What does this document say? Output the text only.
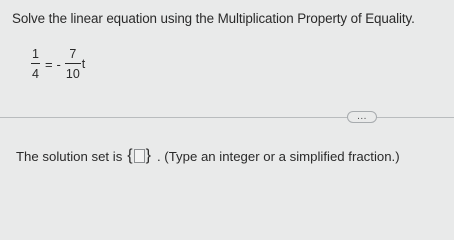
Solve the linear equation using the Multiplication Property of Equality.
$\frac{1}{4}$ = - $\frac{7}{10}$ t
...
The solution set is { } . (Type an integer or a simplified fraction.)
